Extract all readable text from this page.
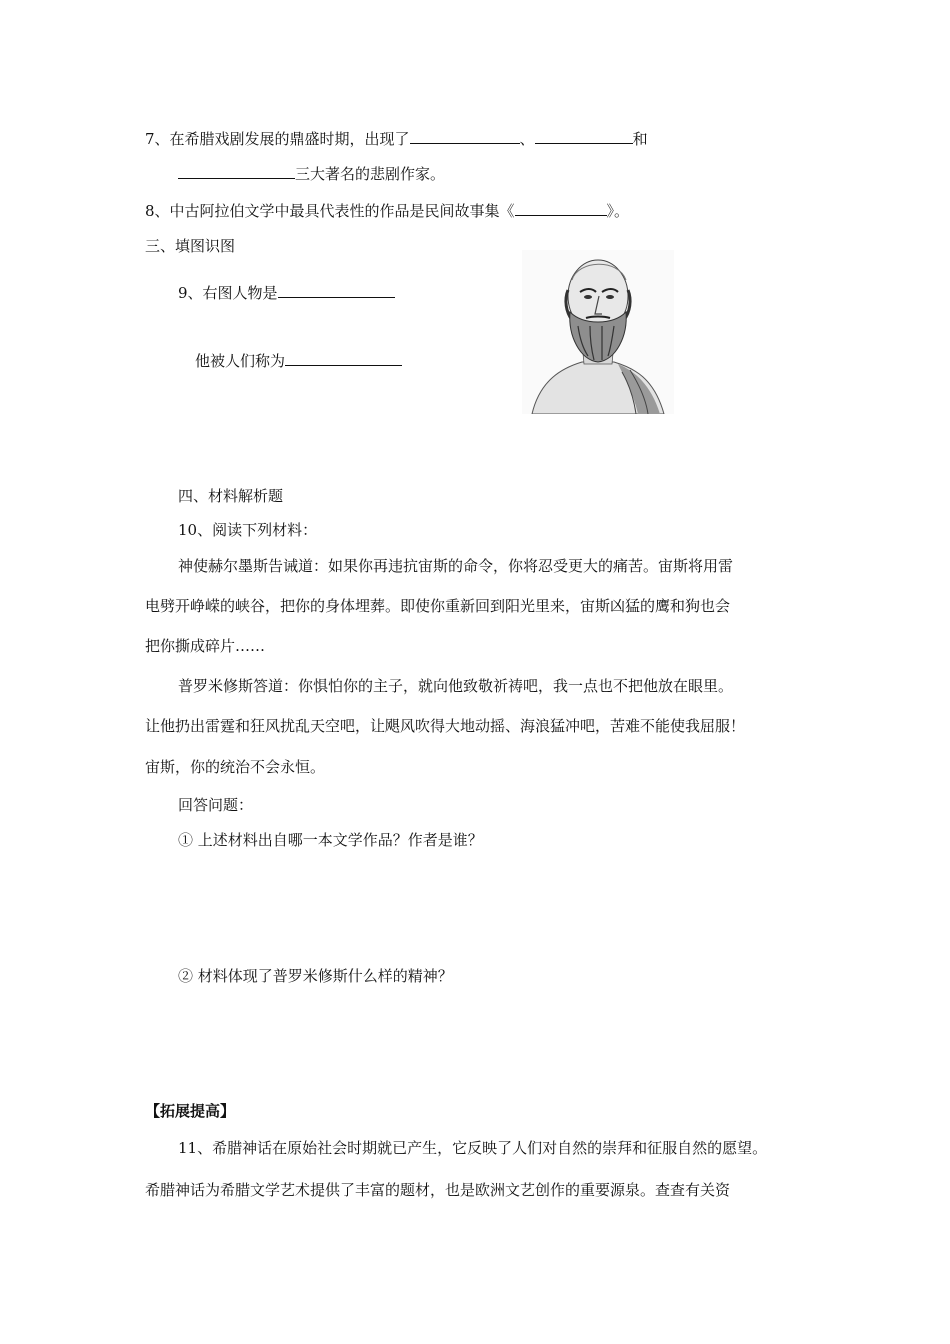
7、在希腊戏剧发展的鼎盛时期，出现了	、	和
三大著名的悲剧作家。
8、中古阿拉伯文学中最具代表性的作品是民间故事集《	》。
三、填图识图
9、右图人物是
他被人们称为
四、材料解析题
10、阅读下列材料：
神使赫尔墨斯告诫道：如果你再违抗宙斯的命令，你将忍受更大的痛苦。宙斯将用雷
电劈开峥嵘的峡谷，把你的身体埋葬。即使你重新回到阳光里来，宙斯凶猛的鹰和狗也会
把你撕成碎片……
普罗米修斯答道：你惧怕你的主子，就向他致敬祈祷吧，我一点也不把他放在眼里。
让他扔出雷霆和狂风扰乱天空吧，让飓风吹得大地动摇、海浪猛冲吧，苦难不能使我屈服！
宙斯，你的统治不会永恒。
回答问题：
① 上述材料出自哪一本文学作品？作者是谁？
② 材料体现了普罗米修斯什么样的精神？
【拓展提高】
11、希腊神话在原始社会时期就已产生，它反映了人们对自然的崇拜和征服自然的愿望。
希腊神话为希腊文学艺术提供了丰富的题材，也是欧洲文艺创作的重要源泉。查查有关资
